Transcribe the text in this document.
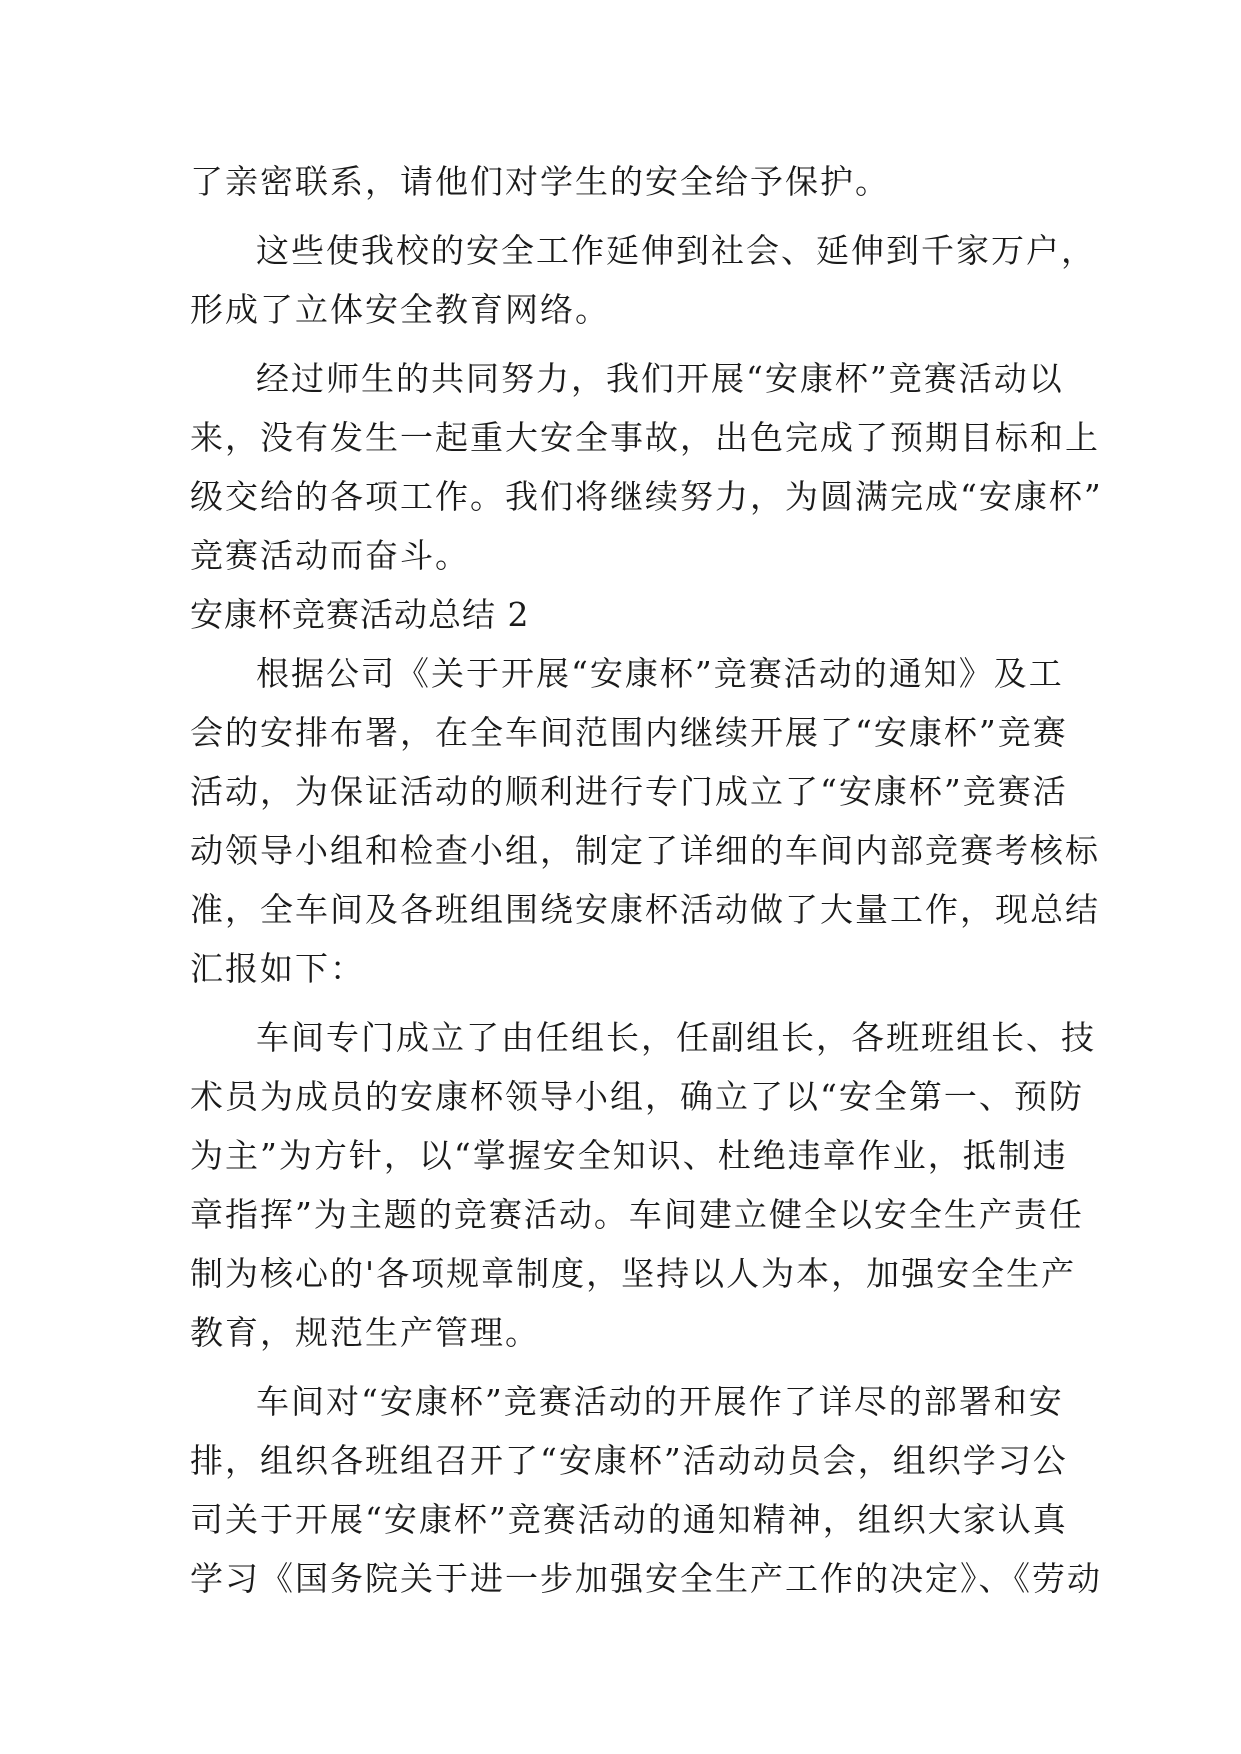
了亲密联系，请他们对学生的安全给予保护。
这些使我校的安全工作延伸到社会、延伸到千家万户，
形成了立体安全教育网络。
经过师生的共同努力，我们开展“安康杯”竞赛活动以
来，没有发生一起重大安全事故，出色完成了预期目标和上
级交给的各项工作。我们将继续努力，为圆满完成“安康杯”
竞赛活动而奋斗。
安康杯竞赛活动总结 2
根据公司《关于开展“安康杯”竞赛活动的通知》及工
会的安排布署，在全车间范围内继续开展了“安康杯”竞赛
活动，为保证活动的顺利进行专门成立了“安康杯”竞赛活
动领导小组和检查小组，制定了详细的车间内部竞赛考核标
准，全车间及各班组围绕安康杯活动做了大量工作，现总结
汇报如下：
车间专门成立了由任组长，任副组长，各班班组长、技
术员为成员的安康杯领导小组，确立了以“安全第一、预防
为主”为方针，以“掌握安全知识、杜绝违章作业，抵制违
章指挥”为主题的竞赛活动。车间建立健全以安全生产责任
制为核心的'各项规章制度，坚持以人为本，加强安全生产
教育，规范生产管理。
车间对“安康杯”竞赛活动的开展作了详尽的部署和安
排，组织各班组召开了“安康杯”活动动员会，组织学习公
司关于开展“安康杯”竞赛活动的通知精神，组织大家认真
学习《国务院关于进一步加强安全生产工作的决定》、《劳动
